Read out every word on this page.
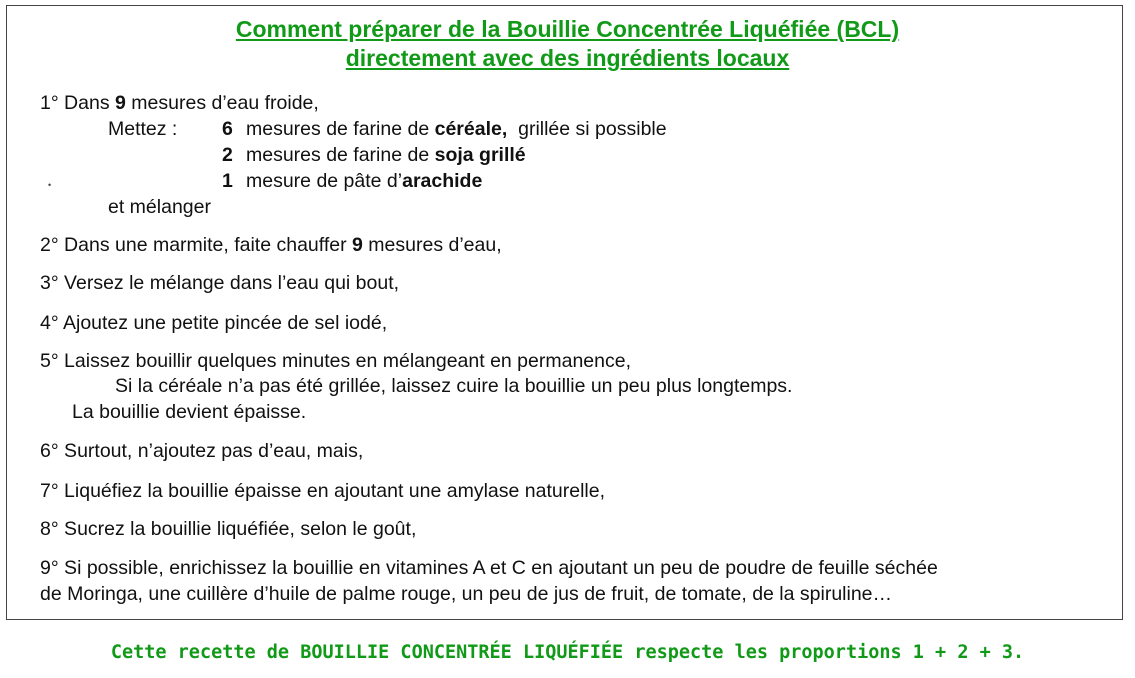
Comment préparer de la Bouillie Concentrée Liquéfiée (BCL)
directement avec des ingrédients locaux
1° Dans 9 mesures d’eau froide,
Mettez : 6 mesures de farine de céréale,  grillée si possible
2 mesures de farine de soja grillé
•	1 mesure de pâte d’arachide
et mélanger
2° Dans une marmite, faite chauffer 9 mesures d’eau,
3° Versez le mélange dans l’eau qui bout,
4° Ajoutez une petite pincée de sel iodé,
5° Laissez bouillir quelques minutes en mélangeant en permanence,
Si la céréale n’a pas été grillée, laissez cuire la bouillie un peu plus longtemps.
La bouillie devient épaisse.
6° Surtout, n’ajoutez pas d’eau, mais,
7° Liquéfiez la bouillie épaisse en ajoutant une amylase naturelle,
8° Sucrez la bouillie liquéfiée, selon le goût,
9° Si possible, enrichissez la bouillie en vitamines A et C en ajoutant un peu de poudre de feuille séchée
de Moringa, une cuillère d’huile de palme rouge, un peu de jus de fruit, de tomate, de la spiruline…
Cette recette de BOUILLIE CONCENTRÉE LIQUÉFIÉE respecte les proportions 1 + 2 + 3.
